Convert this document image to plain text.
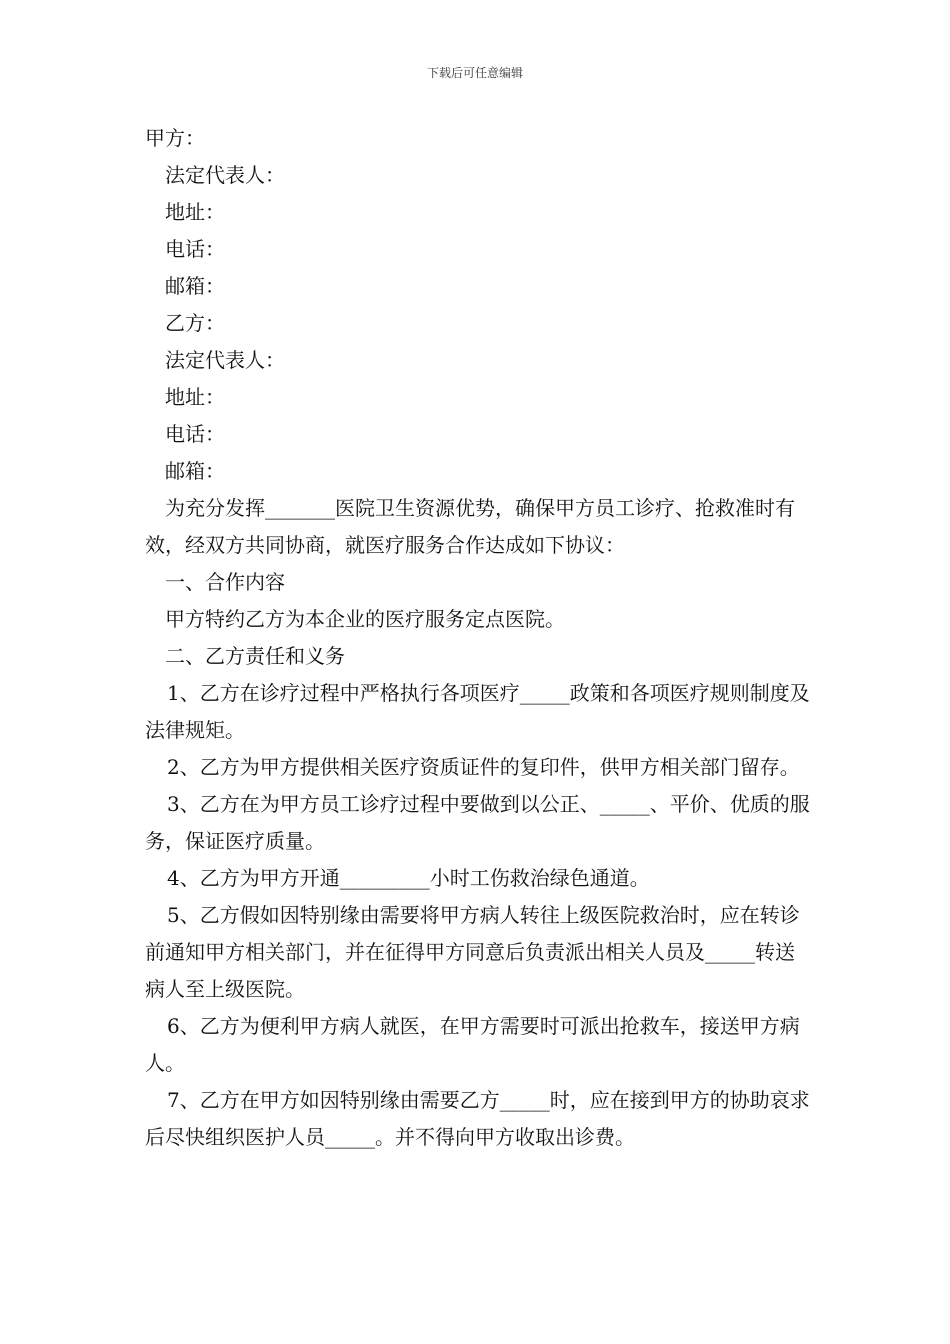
下载后可任意编辑

甲方：

法定代表人：

地址：

电话：

邮箱：

乙方：

法定代表人：

地址：

电话：

邮箱：

为充分发挥_______医院卫生资源优势，确保甲方员工诊疗、抢救准时有效，经双方共同协商，就医疗服务合作达成如下协议：

一、合作内容

甲方特约乙方为本企业的医疗服务定点医院。

二、乙方责任和义务

1、乙方在诊疗过程中严格执行各项医疗_____政策和各项医疗规则制度及法律规矩。

2、乙方为甲方提供相关医疗资质证件的复印件，供甲方相关部门留存。

3、乙方在为甲方员工诊疗过程中要做到以公正、_____、平价、优质的服务，保证医疗质量。

4、乙方为甲方开通_________小时工伤救治绿色通道。

5、乙方假如因特别缘由需要将甲方病人转往上级医院救治时，应在转诊前通知甲方相关部门，并在征得甲方同意后负责派出相关人员及_____转送病人至上级医院。

6、乙方为便利甲方病人就医，在甲方需要时可派出抢救车，接送甲方病人。

7、乙方在甲方如因特别缘由需要乙方_____时，应在接到甲方的协助哀求后尽快组织医护人员_____。并不得向甲方收取出诊费。
